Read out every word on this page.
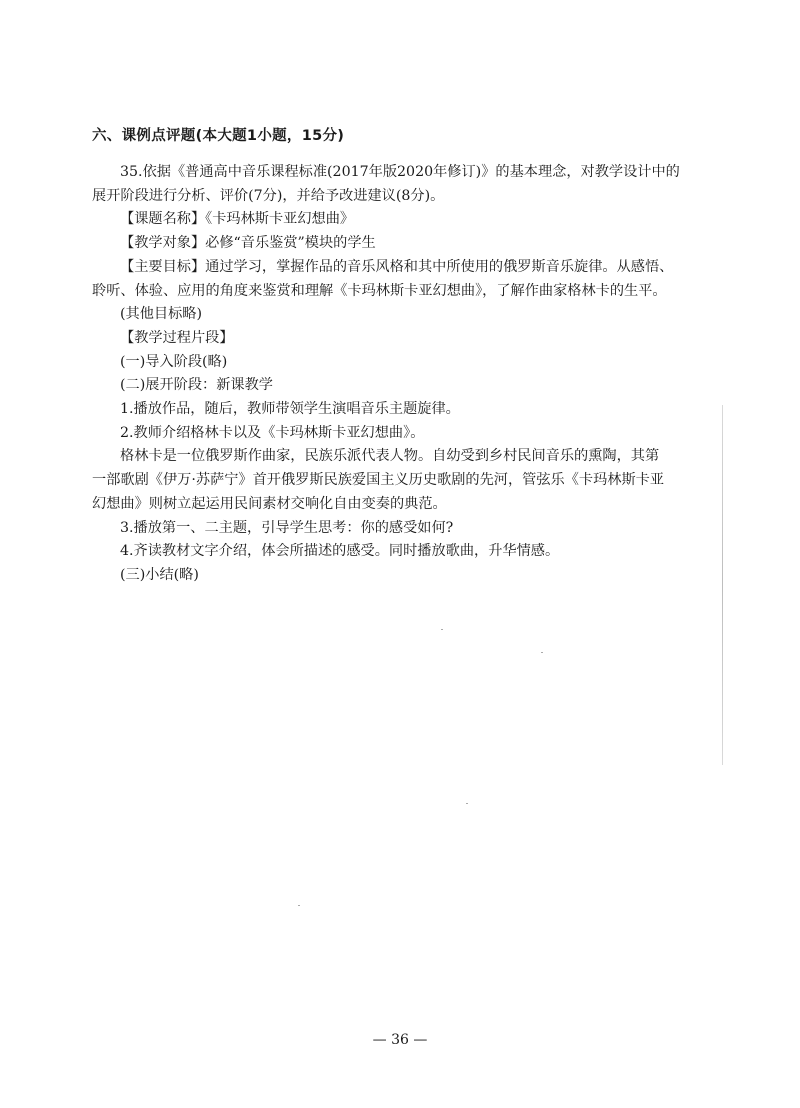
六、课例点评题(本大题1小题，15分)

35.依据《普通高中音乐课程标准(2017年版2020年修订)》的基本理念，对教学设计中的

展开阶段进行分析、评价(7分)，并给予改进建议(8分)。

【课题名称】《卡玛林斯卡亚幻想曲》

【教学对象】必修“音乐鉴赏”模块的学生

【主要目标】通过学习，掌握作品的音乐风格和其中所使用的俄罗斯音乐旋律。从感悟、

聆听、体验、应用的角度来鉴赏和理解《卡玛林斯卡亚幻想曲》，了解作曲家格林卡的生平。

(其他目标略)

【教学过程片段】

(一)导入阶段(略)

(二)展开阶段：新课教学

1.播放作品，随后，教师带领学生演唱音乐主题旋律。

2.教师介绍格林卡以及《卡玛林斯卡亚幻想曲》。

格林卡是一位俄罗斯作曲家，民族乐派代表人物。自幼受到乡村民间音乐的熏陶，其第

一部歌剧《伊万·苏萨宁》首开俄罗斯民族爱国主义历史歌剧的先河，管弦乐《卡玛林斯卡亚

幻想曲》则树立起运用民间素材交响化自由变奏的典范。

3.播放第一、二主题，引导学生思考：你的感受如何?

4.齐读教材文字介绍，体会所描述的感受。同时播放歌曲，升华情感。

(三)小结(略)

— 36 —
